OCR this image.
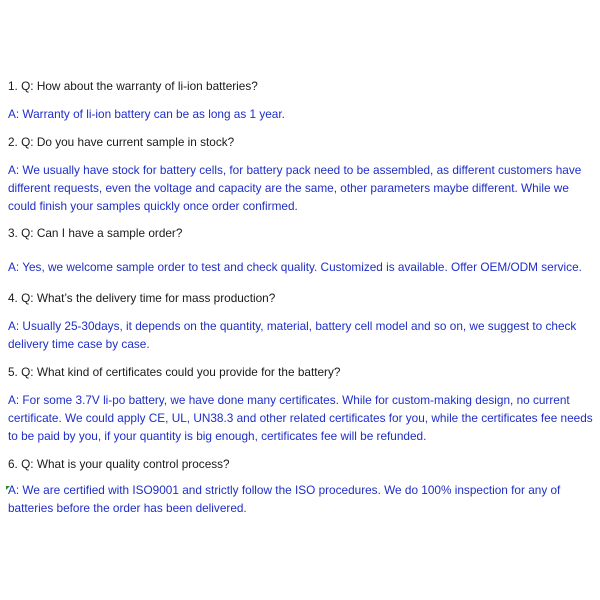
1. Q: How about the warranty of li-ion batteries?

A: Warranty of li-ion battery can be as long as 1 year.

2. Q: Do you have current sample in stock?

A: We usually have stock for battery cells, for battery pack need to be assembled, as different customers have different requests, even the voltage and capacity are the same, other parameters maybe different. While we could finish your samples quickly once order confirmed.

3. Q: Can I have a sample order?

A: Yes, we welcome sample order to test and check quality. Customized is available. Offer OEM/ODM service.

4. Q: What’s the delivery time for mass production?

A: Usually 25-30days, it depends on the quantity, material, battery cell model and so on, we suggest to check delivery time case by case.

5. Q: What kind of certificates could you provide for the battery?

A: For some 3.7V li-po battery, we have done many certificates. While for custom-making design, no current certificate. We could apply CE, UL, UN38.3 and other related certificates for you, while the certificates fee needs to be paid by you, if your quantity is big enough, certificates fee will be refunded.

6. Q: What is your quality control process?

A: We are certified with ISO9001 and strictly follow the ISO procedures. We do 100% inspection for any of batteries before the order has been delivered.
